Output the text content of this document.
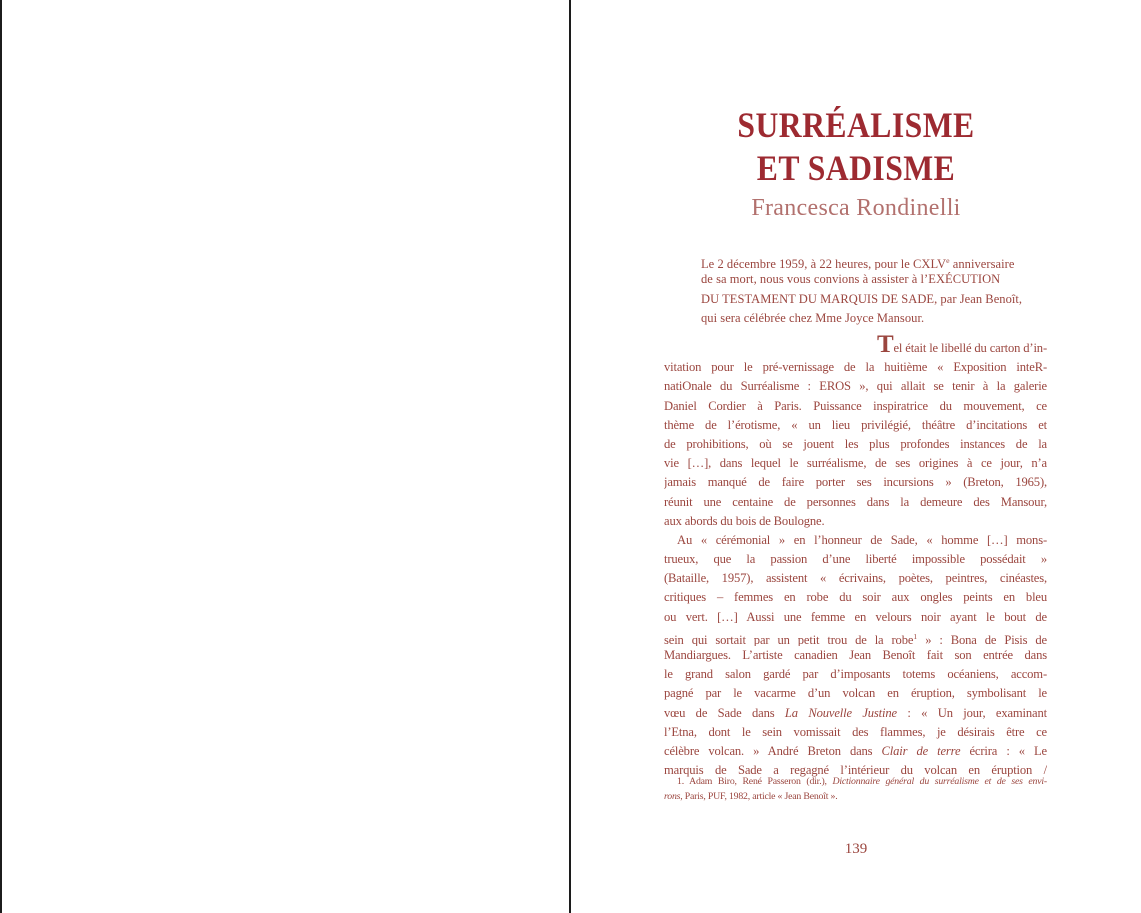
SURRÉALISME
ET SADISME
Francesca Rondinelli
Le 2 décembre 1959, à 22 heures, pour le CXLVe anniversaire
de sa mort, nous vous convions à assister à l’EXÉCUTION
DU TESTAMENT DU MARQUIS DE SADE, par Jean Benoît,
qui sera célébrée chez Mme Joyce Mansour.
Tel était le libellé du carton d’in-
vitation pour le pré-vernissage de la huitième « Exposition inteR-
natiOnale du Surréalisme : EROS », qui allait se tenir à la galerie
Daniel Cordier à Paris. Puissance inspiratrice du mouvement, ce
thème de l’érotisme, « un lieu privilégié, théâtre d’incitations et
de prohibitions, où se jouent les plus profondes instances de la
vie […], dans lequel le surréalisme, de ses origines à ce jour, n’a
jamais manqué de faire porter ses incursions » (Breton, 1965),
réunit une centaine de personnes dans la demeure des Mansour,
aux abords du bois de Boulogne.
Au « cérémonial » en l’honneur de Sade, « homme […] mons-
trueux, que la passion d’une liberté impossible possédait »
(Bataille, 1957), assistent « écrivains, poètes, peintres, cinéastes,
critiques – femmes en robe du soir aux ongles peints en bleu
ou vert. […] Aussi une femme en velours noir ayant le bout de
sein qui sortait par un petit trou de la robe$^1$ » : Bona de Pisis de
Mandiargues. L’artiste canadien Jean Benoît fait son entrée dans
le grand salon gardé par d’imposants totems océaniens, accom-
pagné par le vacarme d’un volcan en éruption, symbolisant le
vœu de Sade dans La Nouvelle Justine : « Un jour, examinant
l’Etna, dont le sein vomissait des flammes, je désirais être ce
célèbre volcan. » André Breton dans Clair de terre écrira : « Le
marquis de Sade a regagné l’intérieur du volcan en éruption /
1. Adam Biro, René Passeron (dir.), Dictionnaire général du surréalisme et de ses envi-
rons, Paris, PUF, 1982, article « Jean Benoît ».
139
